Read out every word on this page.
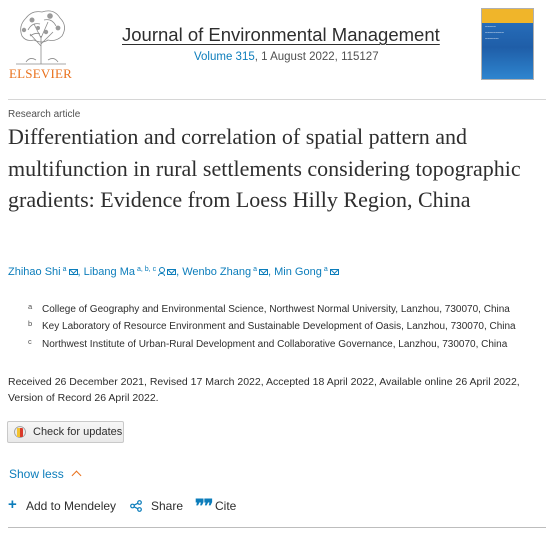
ELSEVIER
Journal of Environmental Management
Volume 315, 1 August 2022, 115127
~~~~
~~~~~~~
~~~~~
Research article
Differentiation and correlation of spatial pattern and multifunction in rural settlements considering topographic gradients: Evidence from Loess Hilly Region, China
Zhihao Shi $^a$ , Libang Ma $^{a, b, c}$ , Wenbo Zhang $^a$ , Min Gong $^a$
a College of Geography and Environmental Science, Northwest Normal University, Lanzhou, 730070, China
b Key Laboratory of Resource Environment and Sustainable Development of Oasis, Lanzhou, 730070, China
c Northwest Institute of Urban-Rural Development and Collaborative Governance, Lanzhou, 730070, China
Received 26 December 2021, Revised 17 March 2022, Accepted 18 April 2022, Available online 26 April 2022, Version of Record 26 April 2022.
Check for updates
Show less
+ Add to Mendeley	Share ❞❞ Cite
